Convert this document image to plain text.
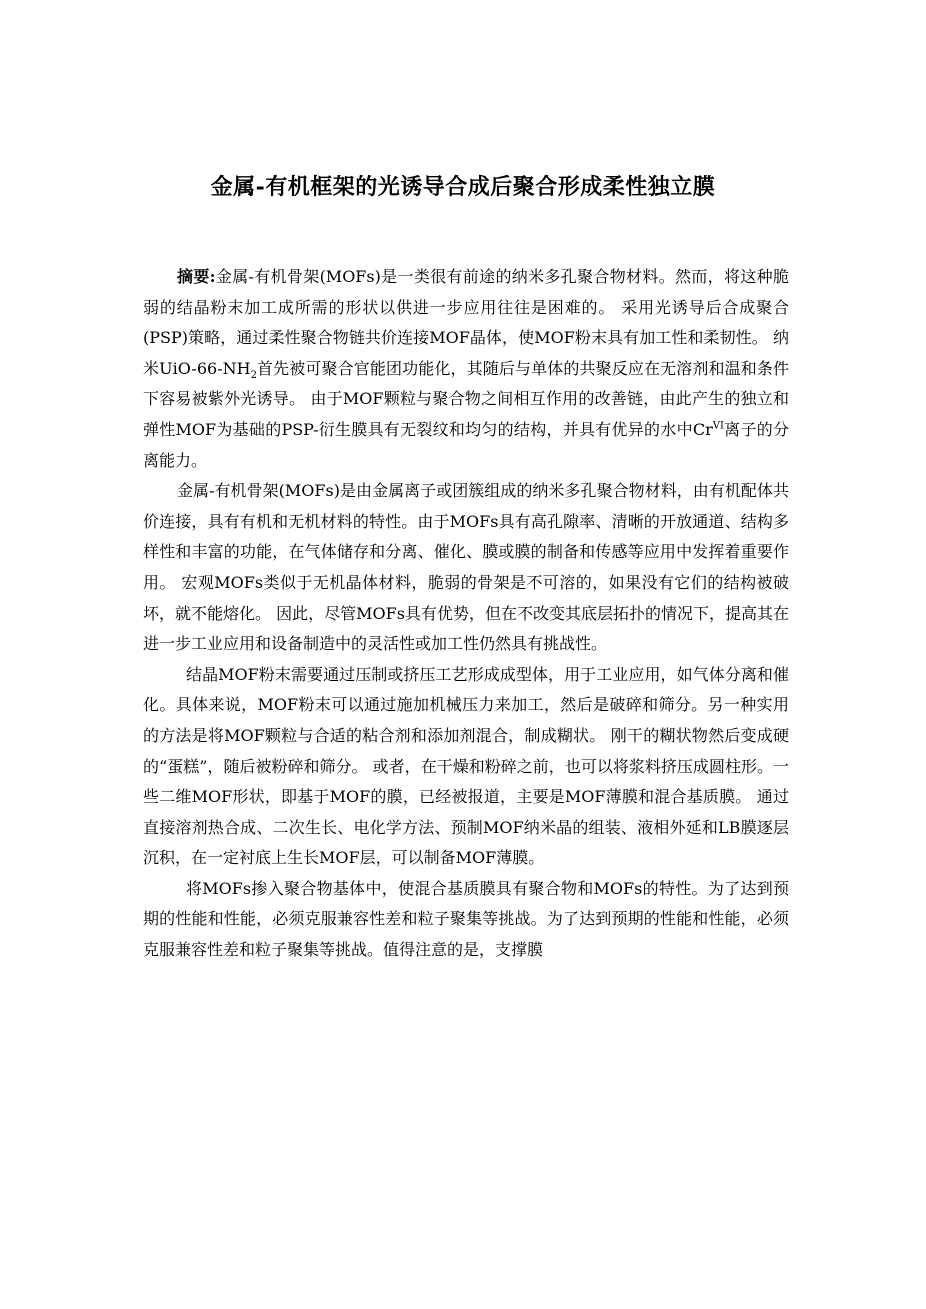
金属-有机框架的光诱导合成后聚合形成柔性独立膜

摘要:金属-有机骨架(MOFs)是一类很有前途的纳米多孔聚合物材料。然而，将这种脆弱的结晶粉末加工成所需的形状以供进一步应用往往是困难的。 采用光诱导后合成聚合(PSP)策略，通过柔性聚合物链共价连接MOF晶体，使MOF粉末具有加工性和柔韧性。 纳米UiO-$66-NH_2$首先被可聚合官能团功能化，其随后与单体的共聚反应在无溶剂和温和条件下容易被紫外光诱导。 由于MOF颗粒与聚合物之间相互作用的改善链，由此产生的独立和弹性MOF为基础的PSP-衍生膜具有无裂纹和均匀的结构，并具有优异的水中$Cr^{VI}$离子的分离能力。

金属-有机骨架(MOFs)是由金属离子或团簇组成的纳米多孔聚合物材料，由有机配体共价连接，具有有机和无机材料的特性。由于MOFs具有高孔隙率、清晰的开放通道、结构多样性和丰富的功能，在气体储存和分离、催化、膜或膜的制备和传感等应用中发挥着重要作用。 宏观MOFs类似于无机晶体材料，脆弱的骨架是不可溶的，如果没有它们的结构被破坏，就不能熔化。 因此，尽管MOFs具有优势，但在不改变其底层拓扑的情况下，提高其在进一步工业应用和设备制造中的灵活性或加工性仍然具有挑战性。

结晶MOF粉末需要通过压制或挤压工艺形成成型体，用于工业应用，如气体分离和催化。具体来说，MOF粉末可以通过施加机械压力来加工，然后是破碎和筛分。另一种实用的方法是将MOF颗粒与合适的粘合剂和添加剂混合，制成糊状。 刚干的糊状物然后变成硬的“蛋糕”，随后被粉碎和筛分。 或者，在干燥和粉碎之前，也可以将浆料挤压成圆柱形。一些二维MOF形状，即基于MOF的膜，已经被报道，主要是MOF薄膜和混合基质膜。 通过直接溶剂热合成、二次生长、电化学方法、预制MOF纳米晶的组装、液相外延和LB膜逐层沉积，在一定衬底上生长MOF层，可以制备MOF薄膜。

将MOFs掺入聚合物基体中，使混合基质膜具有聚合物和MOFs的特性。为了达到预期的性能和性能，必须克服兼容性差和粒子聚集等挑战。为了达到预期的性能和性能，必须克服兼容性差和粒子聚集等挑战。值得注意的是，支撑膜
